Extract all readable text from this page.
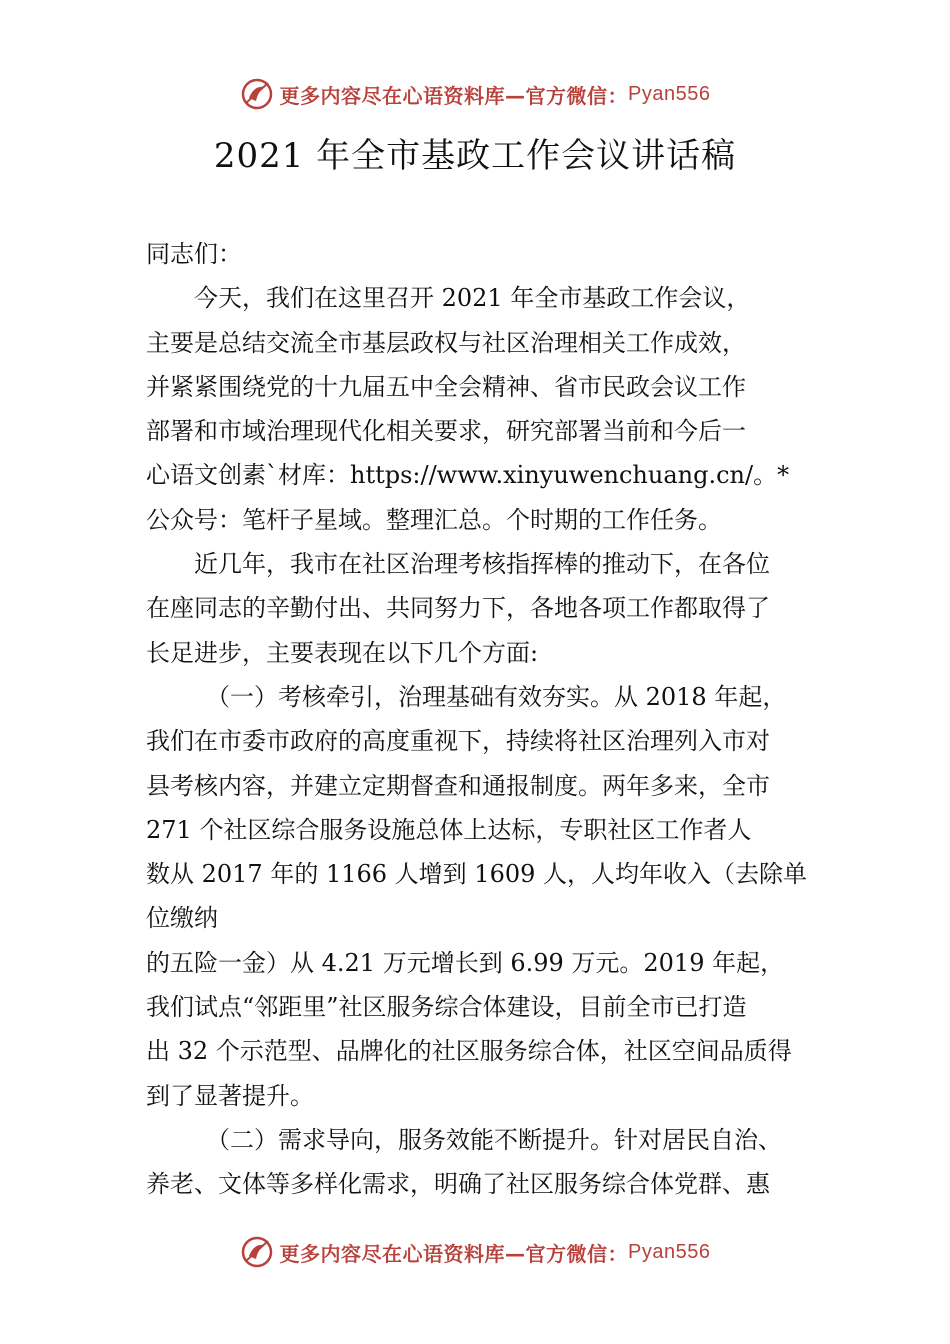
更多内容尽在心语资料库—官方微信： Pyan556
2021 年全市基政工作会议讲话稿
同志们：
今天，我们在这里召开 2021 年全市基政工作会议，
主要是总结交流全市基层政权与社区治理相关工作成效，
并紧紧围绕党的十九届五中全会精神、省市民政会议工作
部署和市域治理现代化相关要求，研究部署当前和今后一
心语文创素`材库：https://www.xinyuwenchuang.cn/。*
公众号：笔杆子星域。整理汇总。个时期的工作任务。
近几年，我市在社区治理考核指挥棒的推动下，在各位
在座同志的辛勤付出、共同努力下，各地各项工作都取得了
长足进步，主要表现在以下几个方面:
（一）考核牵引，治理基础有效夯实。从 2018 年起，
我们在市委市政府的高度重视下，持续将社区治理列入市对
县考核内容，并建立定期督查和通报制度。两年多来，全市
271 个社区综合服务设施总体上达标，专职社区工作者人
数从 2017 年的 1166 人增到 1609 人，人均年收入（去除单
位缴纳
的五险一金）从 4.21 万元增长到 6.99 万元。2019 年起，
我们试点“邻距里”社区服务综合体建设，目前全市已打造
出 32 个示范型、品牌化的社区服务综合体，社区空间品质得
到了显著提升。
（二）需求导向，服务效能不断提升。针对居民自治、
养老、文体等多样化需求，明确了社区服务综合体党群、惠
更多内容尽在心语资料库—官方微信： Pyan556
